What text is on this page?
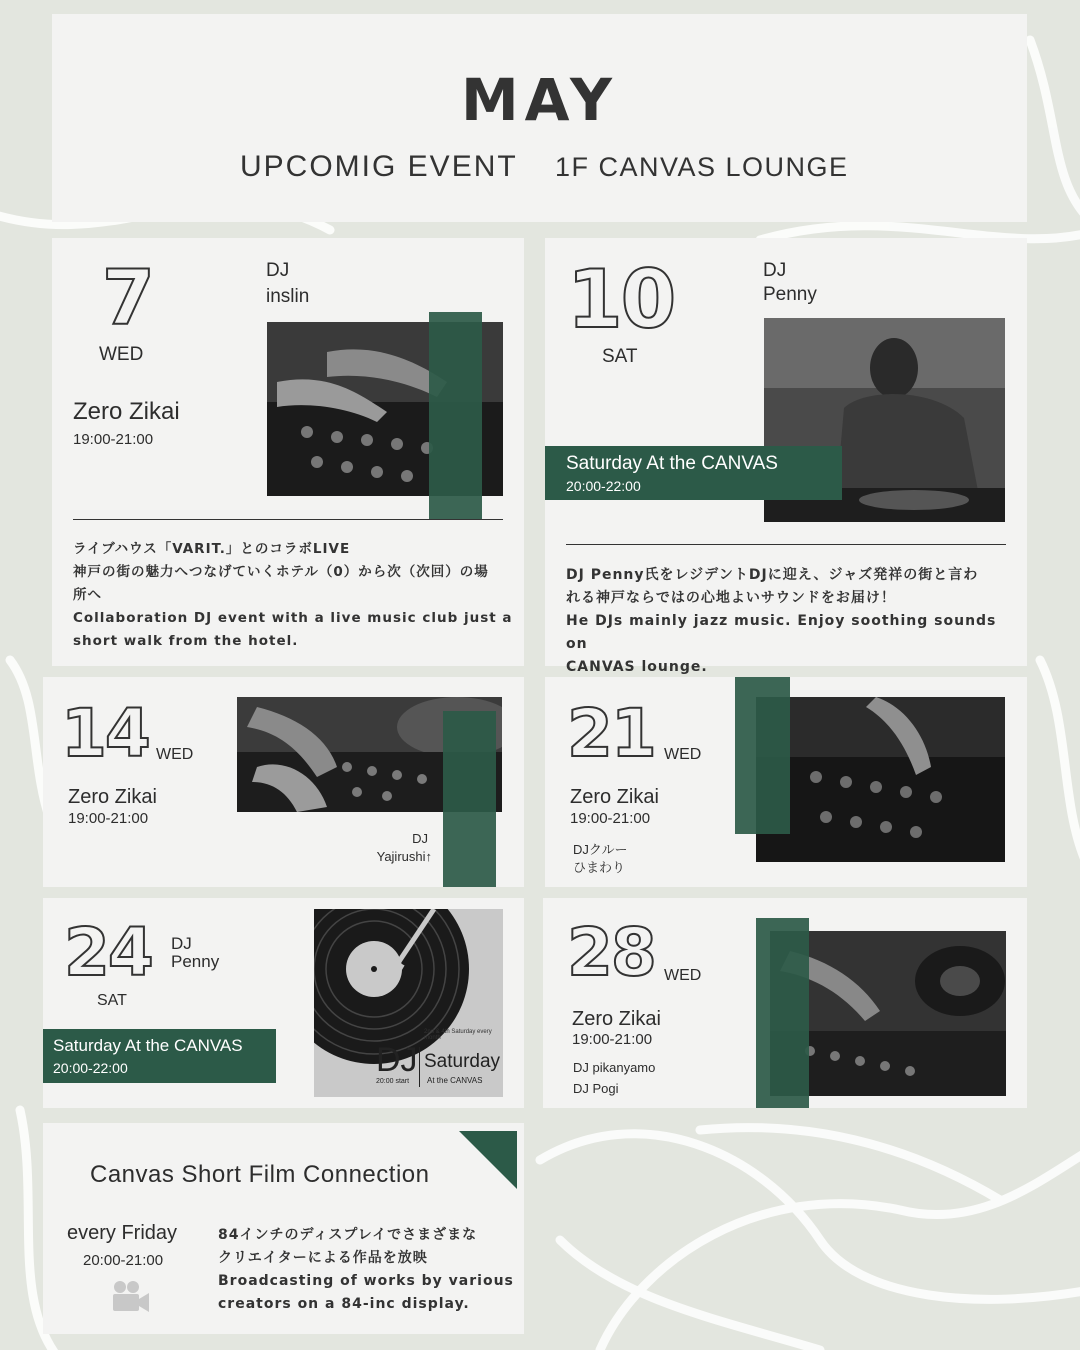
MAY
UPCOMIG EVENT 1F CANVAS LOUNGE
7
WED
DJ
inslin
Zero Zikai
19:00-21:00
ライブハウス「VARIT.」とのコラボLIVE
神戸の街の魅力へつなげていくホテル（0）から次（次回）の場
所へ
Collaboration DJ event with a live music club just a
short walk from the hotel.
10
SAT
DJ
Penny
Saturday At the CANVAS
20:00-22:00
DJ Penny氏をレジデントDJに迎え、ジャズ発祥の街と言わ
れる神戸ならではの心地よいサウンドをお届け！
He DJs mainly jazz music. Enjoy soothing sounds on
CANVAS lounge.
14 WED
Zero Zikai
19:00-21:00
DJ
Yajirushi↑
21 WED
Zero Zikai
19:00-21:00
DJクルー
ひまわり
24
SAT
DJ
Penny
2nd & 4th Saturday every month
DJ
20:00 start
Saturday
At the CANVAS
Saturday At the CANVAS
20:00-22:00
28 WED
Zero Zikai
19:00-21:00
DJ pikanyamo
DJ Pogi
Canvas Short Film Connection
every Friday
20:00-21:00
84インチのディスプレイでさまざまな
クリエイターによる作品を放映
Broadcasting of works by various
creators on a 84-inc display.
